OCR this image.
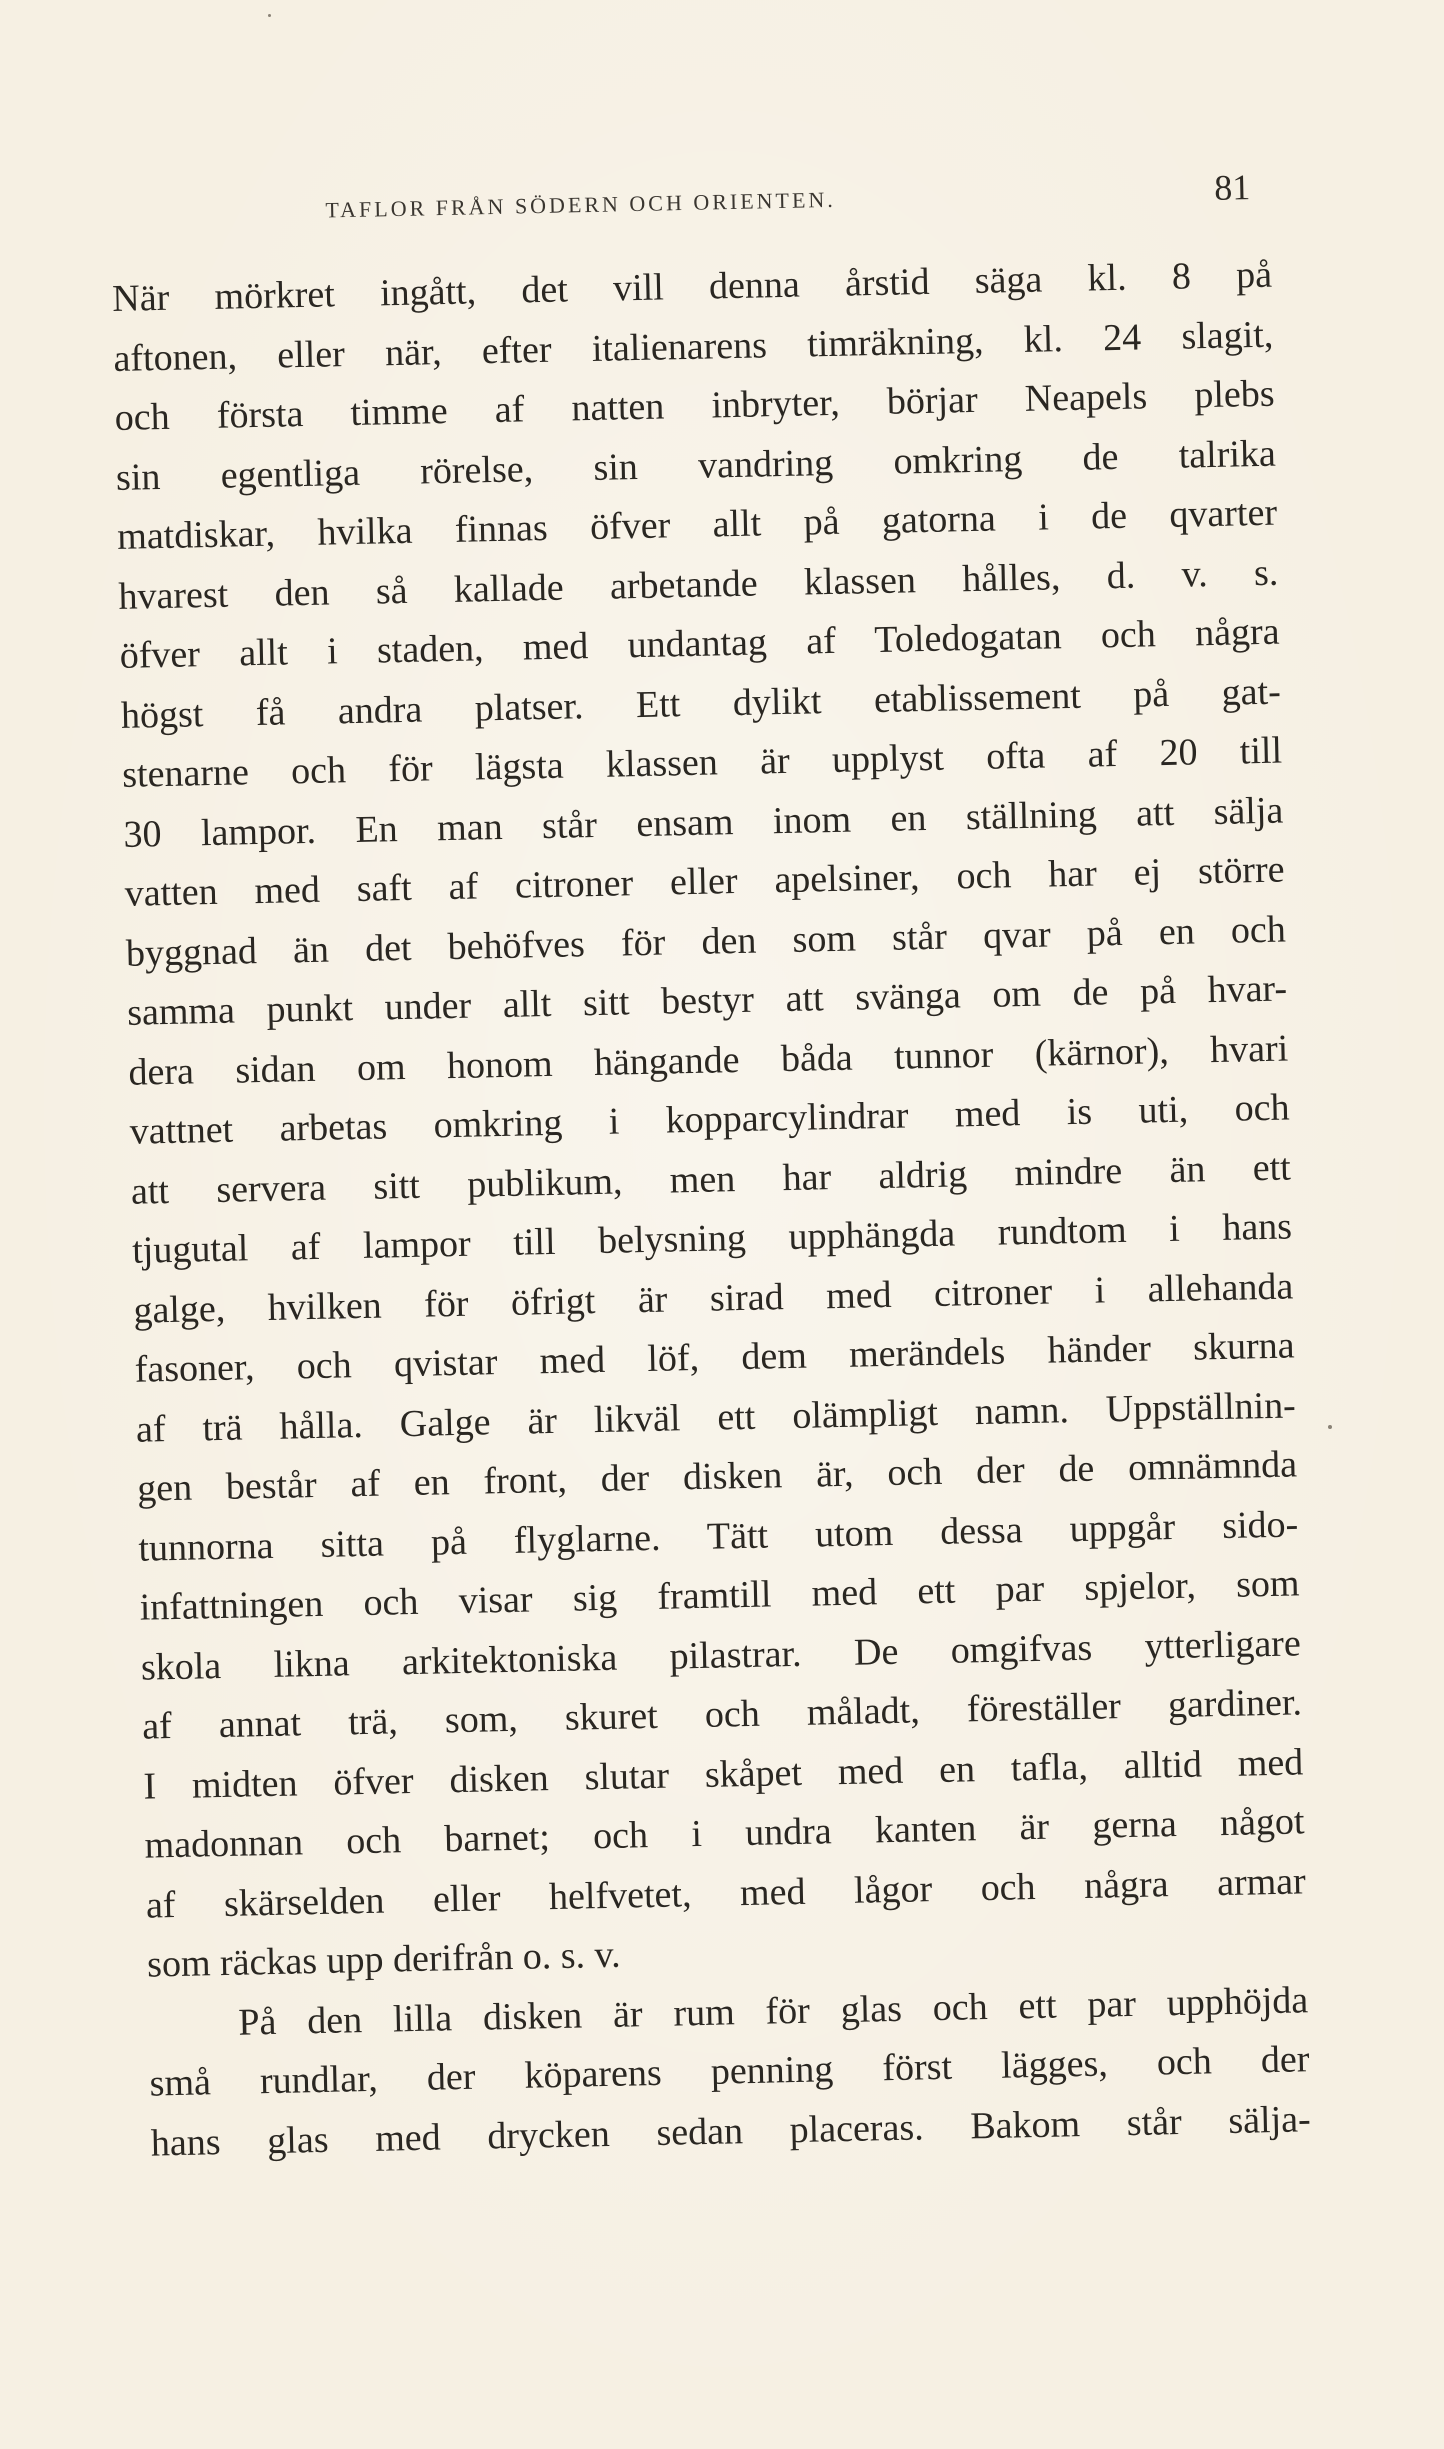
TAFLOR FRÅN SÖDERN OCH ORIENTEN.	81
När mörkret ingått, det vill denna årstid säga kl. 8 på
aftonen, eller när, efter italienarens timräkning, kl. 24 slagit,
och första timme af natten inbryter, börjar Neapels plebs
sin egentliga rörelse, sin vandring omkring de talrika
matdiskar, hvilka finnas öfver allt på gatorna i de qvarter
hvarest den så kallade arbetande klassen hålles, d. v. s.
öfver allt i staden, med undantag af Toledogatan och några
högst få andra platser. Ett dylikt etablissement på gat-
stenarne och för lägsta klassen är upplyst ofta af 20 till
30 lampor. En man står ensam inom en ställning att sälja
vatten med saft af citroner eller apelsiner, och har ej större
byggnad än det behöfves för den som står qvar på en och
samma punkt under allt sitt bestyr att svänga om de på hvar-
dera sidan om honom hängande båda tunnor (kärnor), hvari
vattnet arbetas omkring i kopparcylindrar med is uti, och
att servera sitt publikum, men har aldrig mindre än ett
tjugutal af lampor till belysning upphängda rundtom i hans
galge, hvilken för öfrigt är sirad med citroner i allehanda
fasoner, och qvistar med löf, dem merändels händer skurna
af trä hålla. Galge är likväl ett olämpligt namn. Uppställnin-
gen består af en front, der disken är, och der de omnämnda
tunnorna sitta på flyglarne. Tätt utom dessa uppgår sido-
infattningen och visar sig framtill med ett par spjelor, som
skola likna arkitektoniska pilastrar. De omgifvas ytterligare
af annat trä, som, skuret och måladt, föreställer gardiner.
I midten öfver disken slutar skåpet med en tafla, alltid med
madonnan och barnet; och i undra kanten är gerna något
af skärselden eller helfvetet, med lågor och några armar
som räckas upp derifrån o. s. v.
På den lilla disken är rum för glas och ett par upphöjda
små rundlar, der köparens penning först lägges, och der
hans glas med drycken sedan placeras. Bakom står sälja-
